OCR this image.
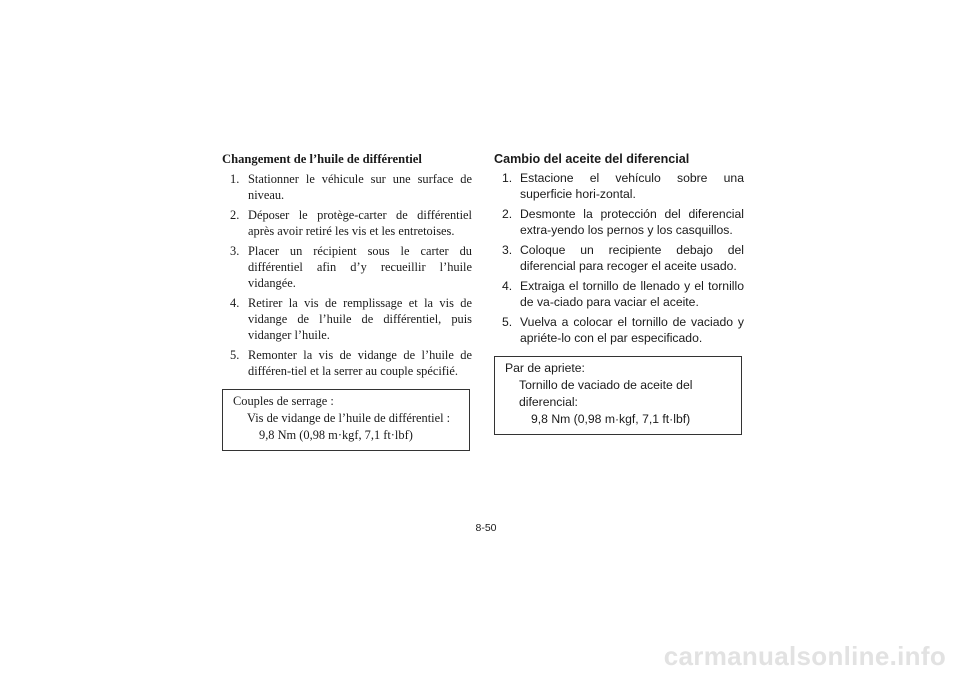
Changement de l’huile de différentiel
1. Stationner le véhicule sur une surface de niveau.
2. Déposer le protège-carter de différentiel après avoir retiré les vis et les entretoises.
3. Placer un récipient sous le carter du différentiel afin d’y recueillir l’huile vidangée.
4. Retirer la vis de remplissage et la vis de vidange de l’huile de différentiel, puis vidanger l’huile.
5. Remonter la vis de vidange de l’huile de différen-tiel et la serrer au couple spécifié.
Couples de serrage :
Vis de vidange de l’huile de différentiel :
9,8 Nm (0,98 m·kgf, 7,1 ft·lbf)
Cambio del aceite del diferencial
1. Estacione el vehículo sobre una superficie hori-zontal.
2. Desmonte la protección del diferencial extra-yendo los pernos y los casquillos.
3. Coloque un recipiente debajo del diferencial para recoger el aceite usado.
4. Extraiga el tornillo de llenado y el tornillo de va-ciado para vaciar el aceite.
5. Vuelva a colocar el tornillo de vaciado y apriéte-lo con el par especificado.
Par de apriete:
Tornillo de vaciado de aceite del diferencial:
9,8 Nm (0,98 m·kgf, 7,1 ft·lbf)
8-50
carmanualsonline.info
